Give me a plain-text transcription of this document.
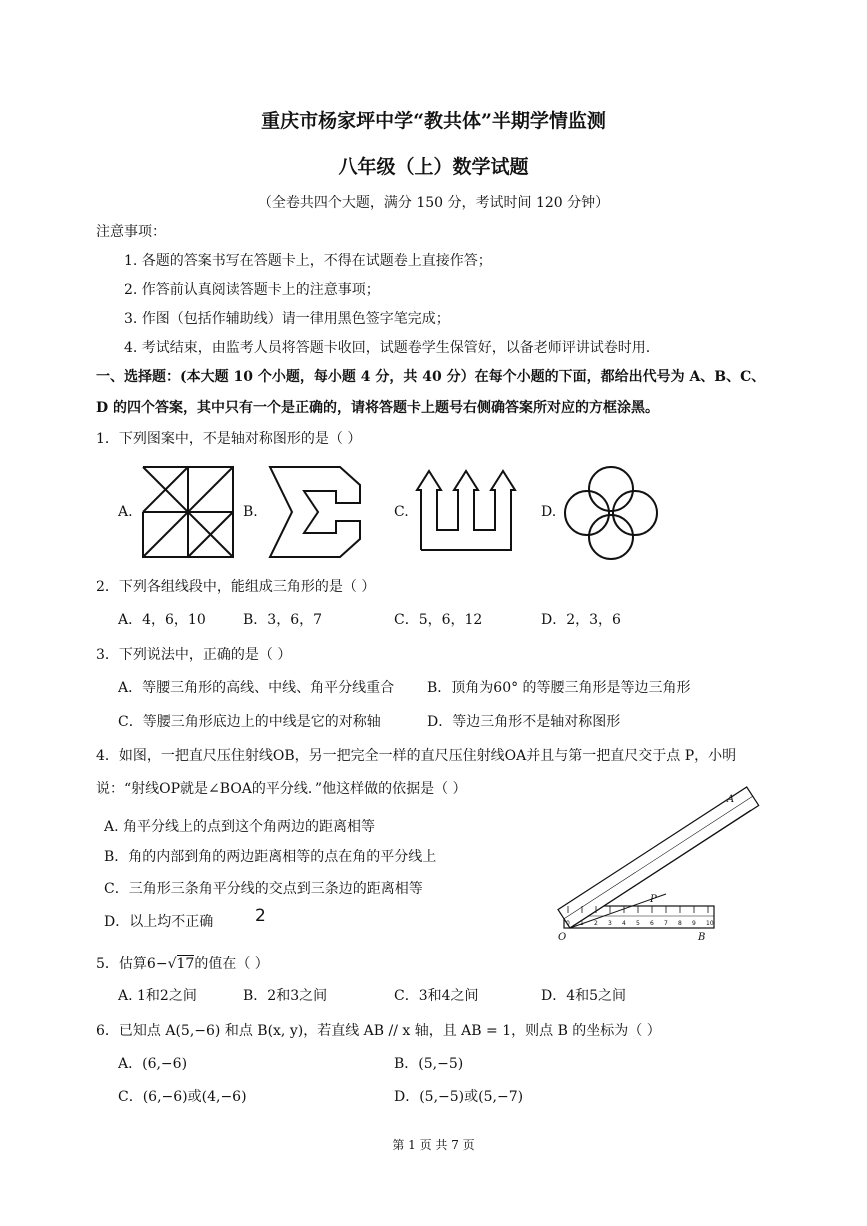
重庆市杨家坪中学“教共体”半期学情监测
八年级（上）数学试题
（全卷共四个大题，满分 150 分，考试时间 120 分钟）
注意事项：
1. 各题的答案书写在答题卡上，不得在试题卷上直接作答；
2. 作答前认真阅读答题卡上的注意事项；
3. 作图（包括作辅助线）请一律用黑色签字笔完成；
4. 考试结束，由监考人员将答题卡收回，试题卷学生保管好，以备老师评讲试卷时用.
一、选择题：(本大题 10 个小题，每小题 4 分，共 40 分）在每个小题的下面，都给出代号为 A、B、C、
D 的四个答案，其中只有一个是正确的，请将答题卡上题号右侧确答案所对应的方框涂黑。
1．下列图案中，不是轴对称图形的是（ ）
A.	B.	C.	D.
2．下列各组线段中，能组成三角形的是（ ）
A．4，6，10	B．3，6，7	C．5，6，12	D．2，3，6
3．下列说法中，正确的是（ ）
A．等腰三角形的高线、中线、角平分线重合 B．顶角为60° 的等腰三角形是等边三角形
C．等腰三角形底边上的中线是它的对称轴	D．等边三角形不是轴对称图形
4．如图，一把直尺压住射线OB，另一把完全一样的直尺压住射线OA并且与第一把直尺交于点 P，小明
说：“射线OP就是∠BOA的平分线．”他这样做的依据是（ ）
A. 角平分线上的点到这个角两边的距离相等
B．角的内部到角的两边距离相等的点在角的平分线上
C．三角形三条角平分线的交点到三条边的距离相等
D．以上均不正确 2	0 1 2 3 4 5 6 7 8 9 10
O	B
A
P
5．估算6−√17的值在（ ）
A. 1和2之间	B．2和3之间	C．3和4之间	D．4和5之间
6．已知点 A(5,−6) 和点 B(x, y)，若直线 AB // x 轴，且 AB = 1，则点 B 的坐标为（ ）
A．(6,−6)	B．(5,−5)
C．(6,−6)或(4,−6)	D．(5,−5)或(5,−7)
第 1 页 共 7 页
